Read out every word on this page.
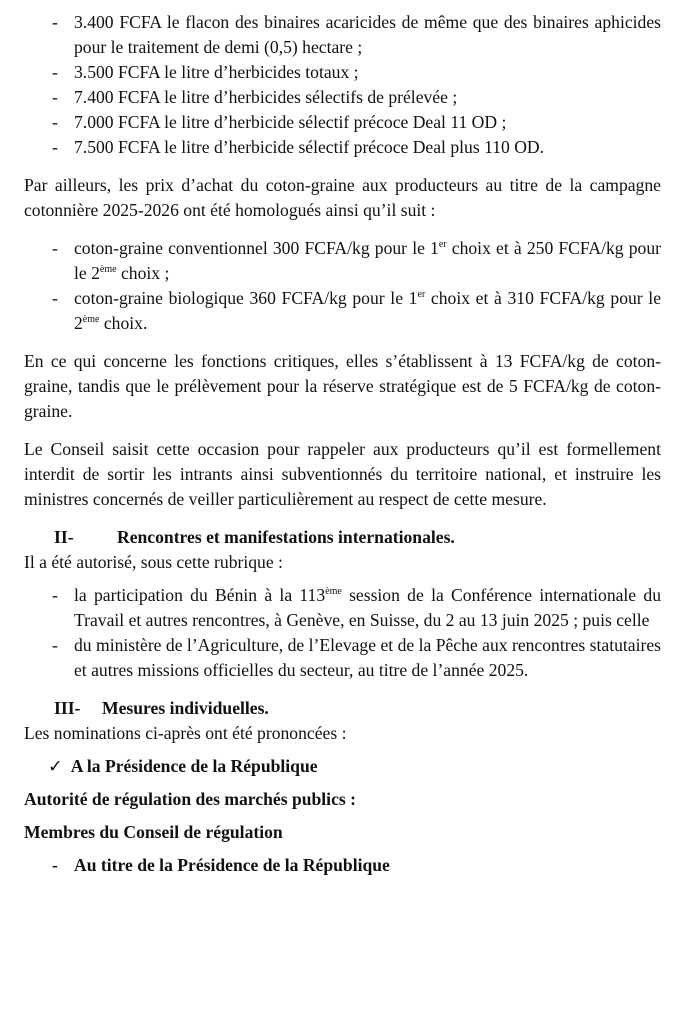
- 3.400 FCFA le flacon des binaires acaricides de même que des binaires aphicides pour le traitement de demi (0,5) hectare ;
- 3.500 FCFA le litre d’herbicides totaux ;
- 7.400 FCFA le litre d’herbicides sélectifs de prélevée ;
- 7.000 FCFA le litre d’herbicide sélectif précoce Deal 11 OD ;
- 7.500 FCFA le litre d’herbicide sélectif précoce Deal plus 110 OD.

Par ailleurs, les prix d’achat du coton-graine aux producteurs au titre de la campagne cotonnière 2025-2026 ont été homologués ainsi qu’il suit :

- coton-graine conventionnel 300 FCFA/kg pour le 1er choix et à 250 FCFA/kg pour le 2ème choix ;
- coton-graine biologique 360 FCFA/kg pour le 1er choix et à 310 FCFA/kg pour le 2ème choix.

En ce qui concerne les fonctions critiques, elles s’établissent à 13 FCFA/kg de coton-graine, tandis que le prélèvement pour la réserve stratégique est de 5 FCFA/kg de coton-graine.

Le Conseil saisit cette occasion pour rappeler aux producteurs qu’il est formellement interdit de sortir les intrants ainsi subventionnés du territoire national, et instruire les ministres concernés de veiller particulièrement au respect de cette mesure.

II- Rencontres et manifestations internationales.

Il a été autorisé, sous cette rubrique :

- la participation du Bénin à la 113ème session de la Conférence internationale du Travail et autres rencontres, à Genève, en Suisse, du 2 au 13 juin 2025 ; puis celle
- du ministère de l’Agriculture, de l’Elevage et de la Pêche aux rencontres statutaires et autres missions officielles du secteur, au titre de l’année 2025.
III- Mesures individuelles.

Les nominations ci-après ont été prononcées :

✓ A la Présidence de la République

Autorité de régulation des marchés publics :

Membres du Conseil de régulation

- Au titre de la Présidence de la République
